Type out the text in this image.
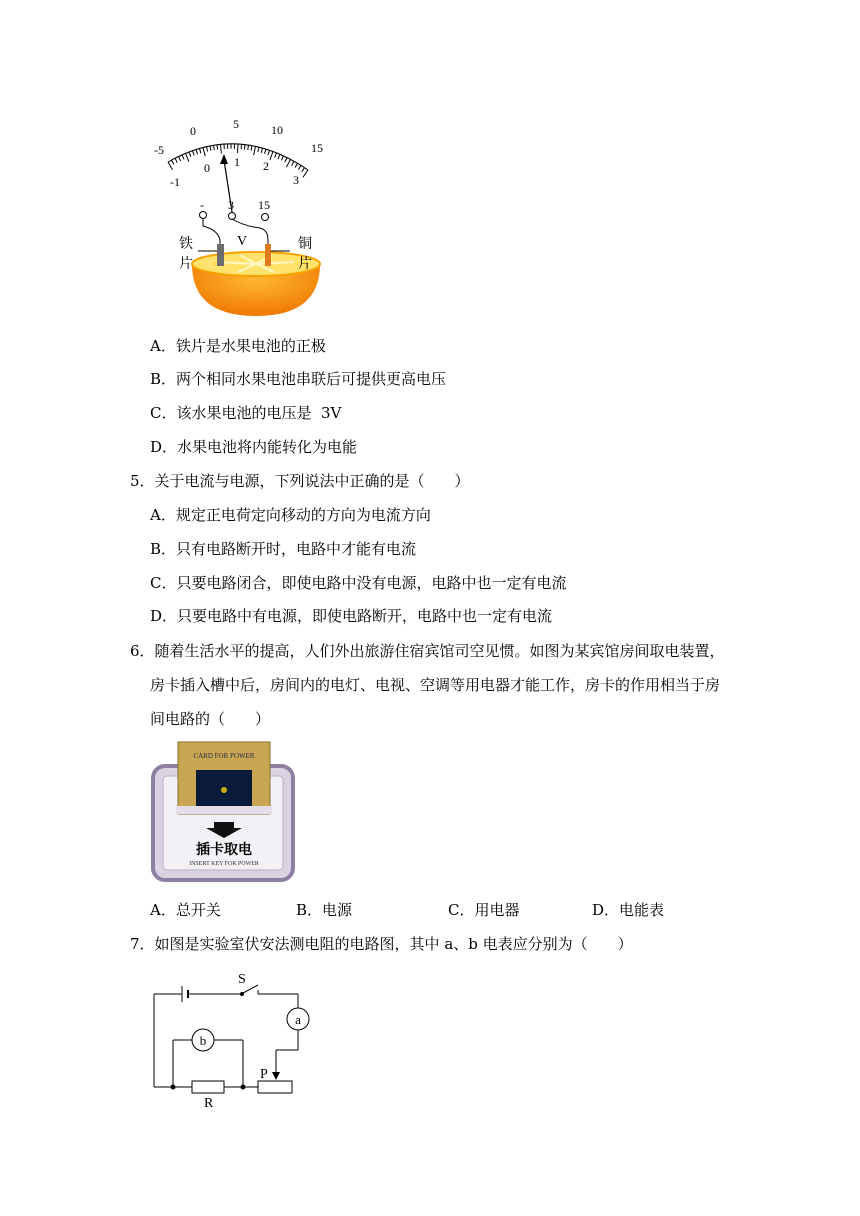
-5
0	5	10
15
-1
0 1 2
3
- 3 15
V
铁
片
铜
片
A．铁片是水果电池的正极
B．两个相同水果电池串联后可提供更高电压
C．该水果电池的电压是  3V
D．水果电池将内能转化为电能
5．关于电流与电源，下列说法中正确的是（　　）
A．规定正电荷定向移动的方向为电流方向
B．只有电路断开时，电路中才能有电流
C．只要电路闭合，即使电路中没有电源，电路中也一定有电流
D．只要电路中有电源，即使电路断开，电路中也一定有电流
6．随着生活水平的提高，人们外出旅游住宿宾馆司空见惯。如图为某宾馆房间取电装置，
房卡插入槽中后，房间内的电灯、电视、空调等用电器才能工作，房卡的作用相当于房
间电路的（　　）
CARD FOR POWER
插卡取电
INSERT KEY FOR POWER
A．总开关	B．电源	C．用电器	D．电能表
7．如图是实验室伏安法测电阻的电路图，其中 a、b 电表应分别为（　　）
S
a
b
P
R
